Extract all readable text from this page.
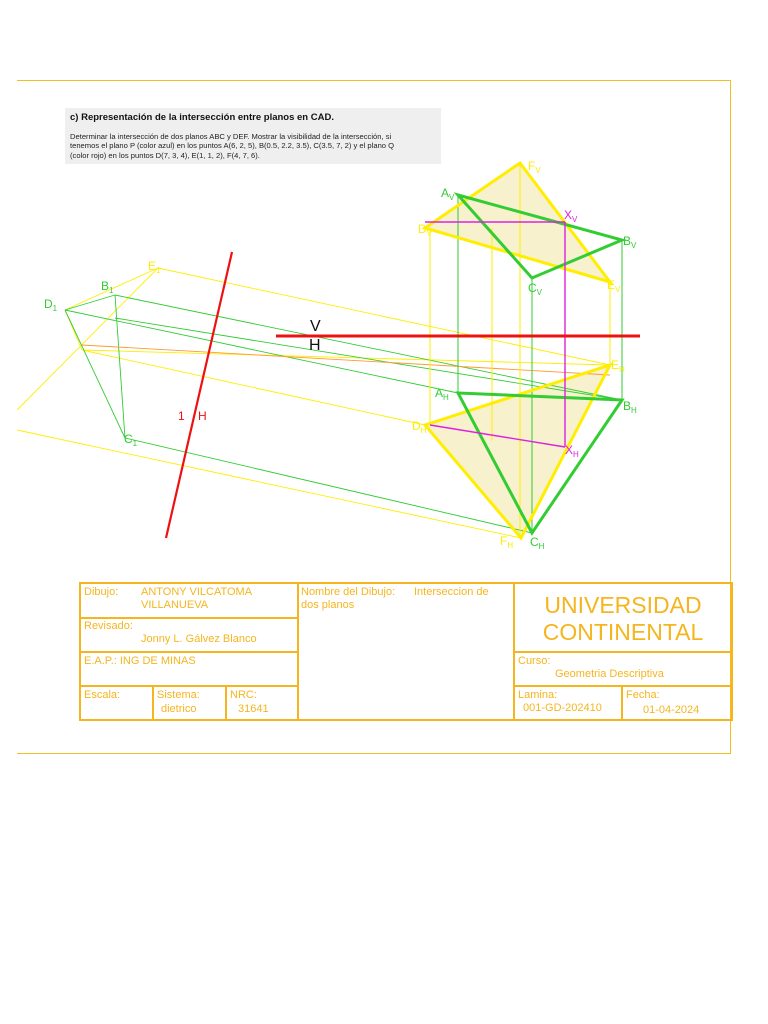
c) Representación de la intersección entre planos en CAD.
Determinar la intersección de dos planos ABC y DEF. Mostrar la visibilidad de la intersección, si
tenemos el plano P (color azul) en los puntos A(6, 2, 5), B(0.5, 2.2, 3.5), C(3.5, 7, 2) y el plano Q
(color rojo) en los puntos D(7, 3, 4), E(1, 1, 2), F(4, 7, 6).
V
H
1 H
$F_V$
$A_V$
$X_V$
$D_V$
$B_V$
$C_V$
$E_V$
$A_H$
$E_H$
$B_H$
$D_H$
$X_H$
$F_H$ $C_H$
$E_1$
$B_1$
$D_1$
$C_1$
Dibujo: ANTONY VILCATOMA
VILLANUEVA
Revisado:
Jonny L. Gálvez Blanco
E.A.P.: ING DE MINAS
Escala:	Sistema:
dietrico
NRC:
31641
Nombre del Dibujo: Interseccion de
dos planos	UNIVERSIDAD
CONTINENTAL
Curso:
Geometria Descriptiva
Lamina:
001-GD-202410
Fecha:
01-04-2024
